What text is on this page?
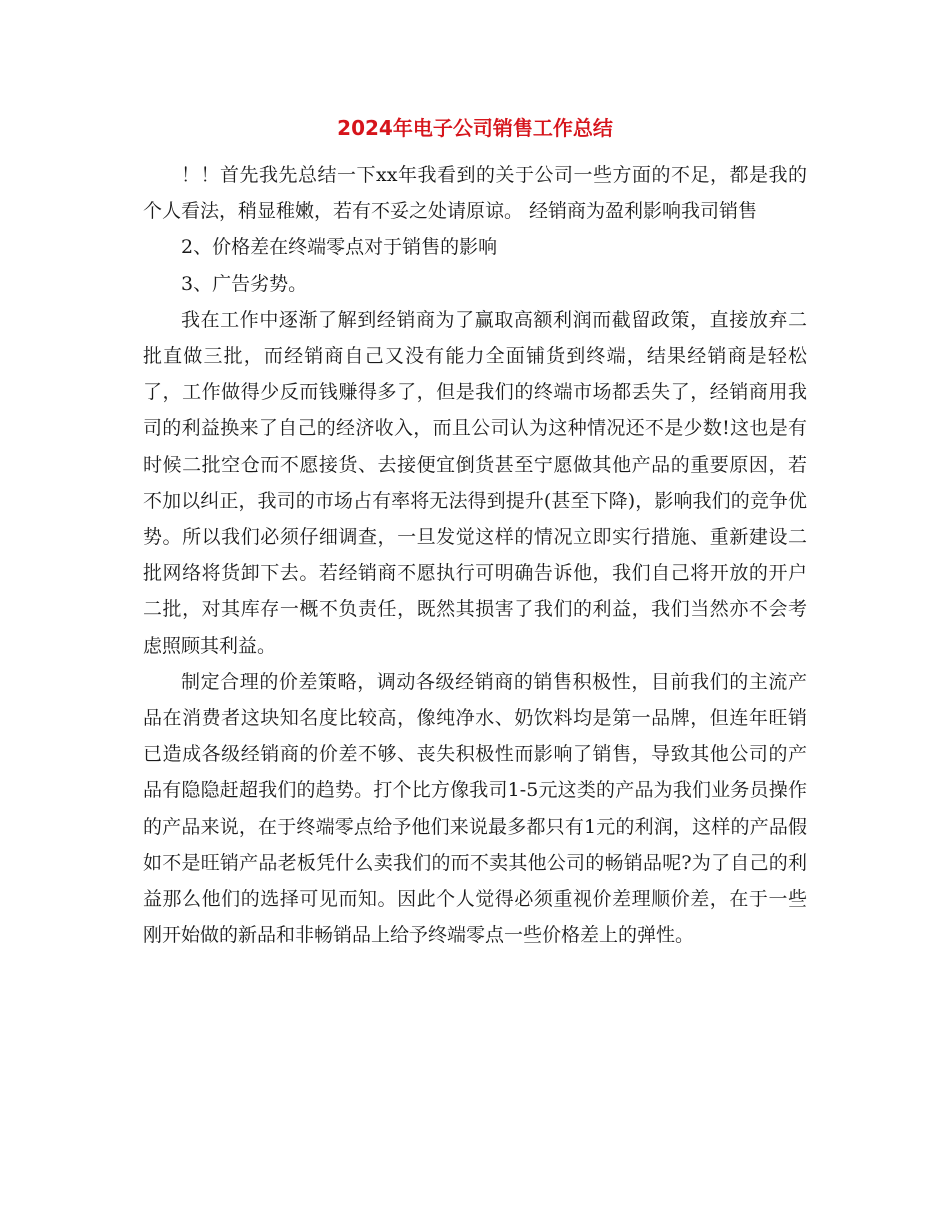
2024年电子公司销售工作总结

！！首先我先总结一下xx年我看到的关于公司一些方面的不足，都是我的个人看法，稍显稚嫩，若有不妥之处请原谅。 经销商为盈利影响我司销售

2、价格差在终端零点对于销售的影响

3、广告劣势。

我在工作中逐渐了解到经销商为了赢取高额利润而截留政策，直接放弃二批直做三批，而经销商自己又没有能力全面铺货到终端，结果经销商是轻松了，工作做得少反而钱赚得多了，但是我们的终端市场都丢失了，经销商用我司的利益换来了自己的经济收入，而且公司认为这种情况还不是少数!这也是有时候二批空仓而不愿接货、去接便宜倒货甚至宁愿做其他产品的重要原因，若不加以纠正，我司的市场占有率将无法得到提升(甚至下降)，影响我们的竞争优势。所以我们必须仔细调查，一旦发觉这样的情况立即实行措施、重新建设二批网络将货卸下去。若经销商不愿执行可明确告诉他，我们自己将开放的开户二批，对其库存一概不负责任，既然其损害了我们的利益，我们当然亦不会考虑照顾其利益。

制定合理的价差策略，调动各级经销商的销售积极性，目前我们的主流产品在消费者这块知名度比较高，像纯净水、奶饮料均是第一品牌，但连年旺销已造成各级经销商的价差不够、丧失积极性而影响了销售，导致其他公司的产品有隐隐赶超我们的趋势。打个比方像我司1-5元这类的产品为我们业务员操作的产品来说，在于终端零点给予他们来说最多都只有1元的利润，这样的产品假如不是旺销产品老板凭什么卖我们的而不卖其他公司的畅销品呢?为了自己的利益那么他们的选择可见而知。因此个人觉得必须重视价差理顺价差，在于一些刚开始做的新品和非畅销品上给予终端零点一些价格差上的弹性。
